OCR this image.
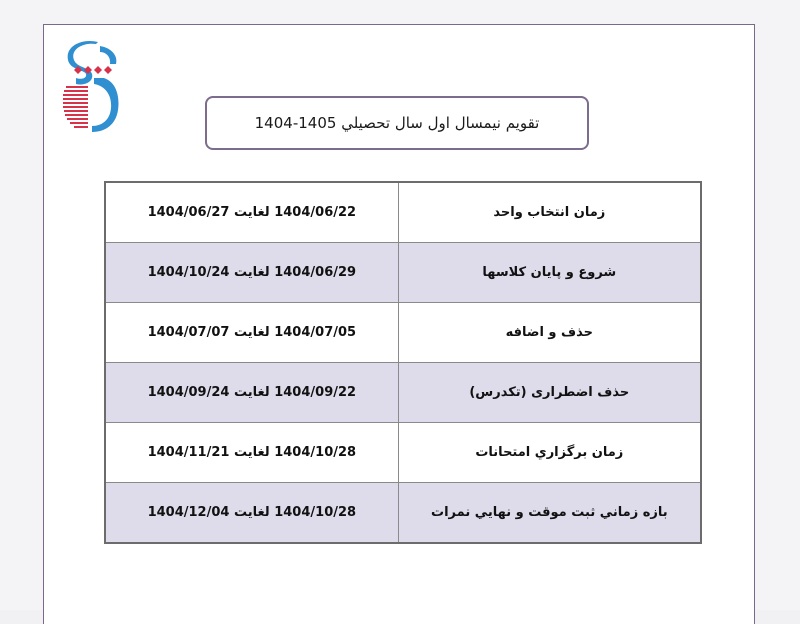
تقویم نیمسال اول سال تحصیلي 1405-1404
1404/06/22 لغایت 1404/06/27	زمان انتخاب واحد
1404/06/29 لغایت 1404/10/24	شروع و پایان کلاسها
1404/07/05 لغایت 1404/07/07	حذف و اضافه
1404/09/22 لغایت 1404/09/24	حذف اضطراری (تکدرس)
1404/10/28 لغایت 1404/11/21	زمان برگزاري امتحانات
1404/10/28 لغایت 1404/12/04	بازه زماني ثبت موقت و نهایي نمرات
